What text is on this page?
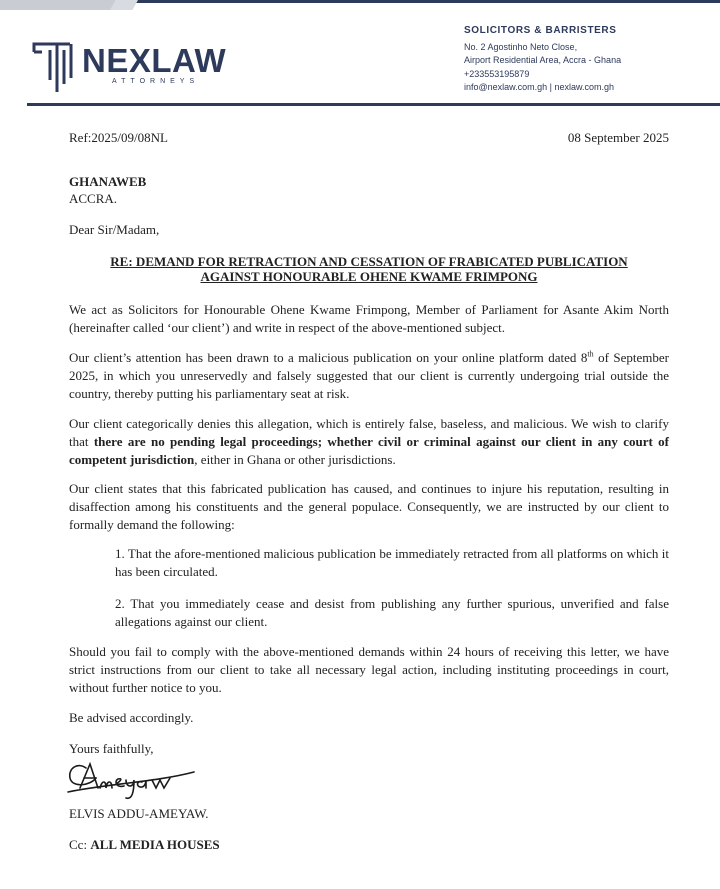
NEXLAW
ATTORNEYS
SOLICITORS & BARRISTERS
No. 2 Agostinho Neto Close,
Airport Residential Area, Accra - Ghana
+233553195879
info@nexlaw.com.gh | nexlaw.com.gh
Ref:2025/09/08NL	08 September 2025
GHANAWEB
ACCRA.
Dear Sir/Madam,
RE: DEMAND FOR RETRACTION AND CESSATION OF FRABICATED PUBLICATION
AGAINST HONOURABLE OHENE KWAME FRIMPONG
We act as Solicitors for Honourable Ohene Kwame Frimpong, Member of Parliament for Asante Akim North (hereinafter called ‘our client’) and write in respect of the above-mentioned subject.
Our client’s attention has been drawn to a malicious publication on your online platform dated 8th of September 2025, in which you unreservedly and falsely suggested that our client is currently undergoing trial outside the country, thereby putting his parliamentary seat at risk.
Our client categorically denies this allegation, which is entirely false, baseless, and malicious. We wish to clarify that there are no pending legal proceedings; whether civil or criminal against our client in any court of competent jurisdiction, either in Ghana or other jurisdictions.
Our client states that this fabricated publication has caused, and continues to injure his reputation, resulting in disaffection among his constituents and the general populace. Consequently, we are instructed by our client to formally demand the following:
1. That the afore-mentioned malicious publication be immediately retracted from all platforms on which it has been circulated.
2. That you immediately cease and desist from publishing any further spurious, unverified and false allegations against our client.
Should you fail to comply with the above-mentioned demands within 24 hours of receiving this letter, we have strict instructions from our client to take all necessary legal action, including instituting proceedings in court, without further notice to you.
Be advised accordingly.
Yours faithfully,
ELVIS ADDU-AMEYAW.
Cc: ALL MEDIA HOUSES
